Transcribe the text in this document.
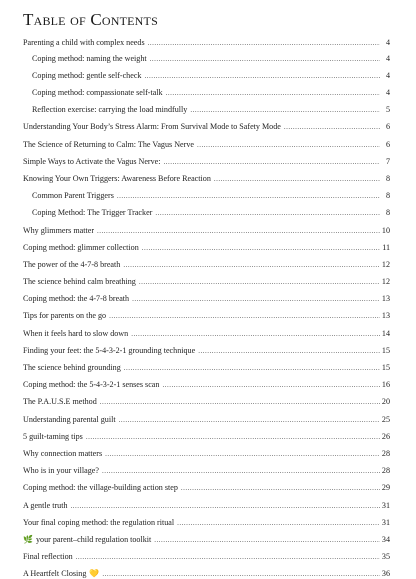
Table of Contents
Parenting a child with complex needs .....	4
Coping method: naming the weight .....	4
Coping method: gentle self-check .....	4
Coping method: compassionate self-talk .....	4
Reflection exercise: carrying the load mindfully .....	5
Understanding Your Body’s Stress Alarm: From Survival Mode to Safety Mode .....	6
The Science of Returning to Calm: The Vagus Nerve .....	6
Simple Ways to Activate the Vagus Nerve: .....	7
Knowing Your Own Triggers: Awareness Before Reaction .....	8
Common Parent Triggers .....	8
Coping Method: The Trigger Tracker .....	8
Why glimmers matter .....	10
Coping method: glimmer collection .....	11
The power of the 4-7-8 breath .....	12
The science behind calm breathing .....	12
Coping method: the 4-7-8 breath .....	13
Tips for parents on the go .....	13
When it feels hard to slow down .....	14
Finding your feet: the 5-4-3-2-1 grounding technique .....	15
The science behind grounding .....	15
Coping method: the 5-4-3-2-1 senses scan .....	16
The P.A.U.S.E method .....	20
Understanding parental guilt .....	25
5 guilt-taming tips .....	26
Why connection matters .....	28
Who is in your village? .....	28
Coping method: the village-building action step .....	29
A gentle truth .....	31
Your final coping method: the regulation ritual .....	31
🌿 your parent–child regulation toolkit .....	34
Final reflection .....	35
A Heartfelt Closing 💛 .....	36
